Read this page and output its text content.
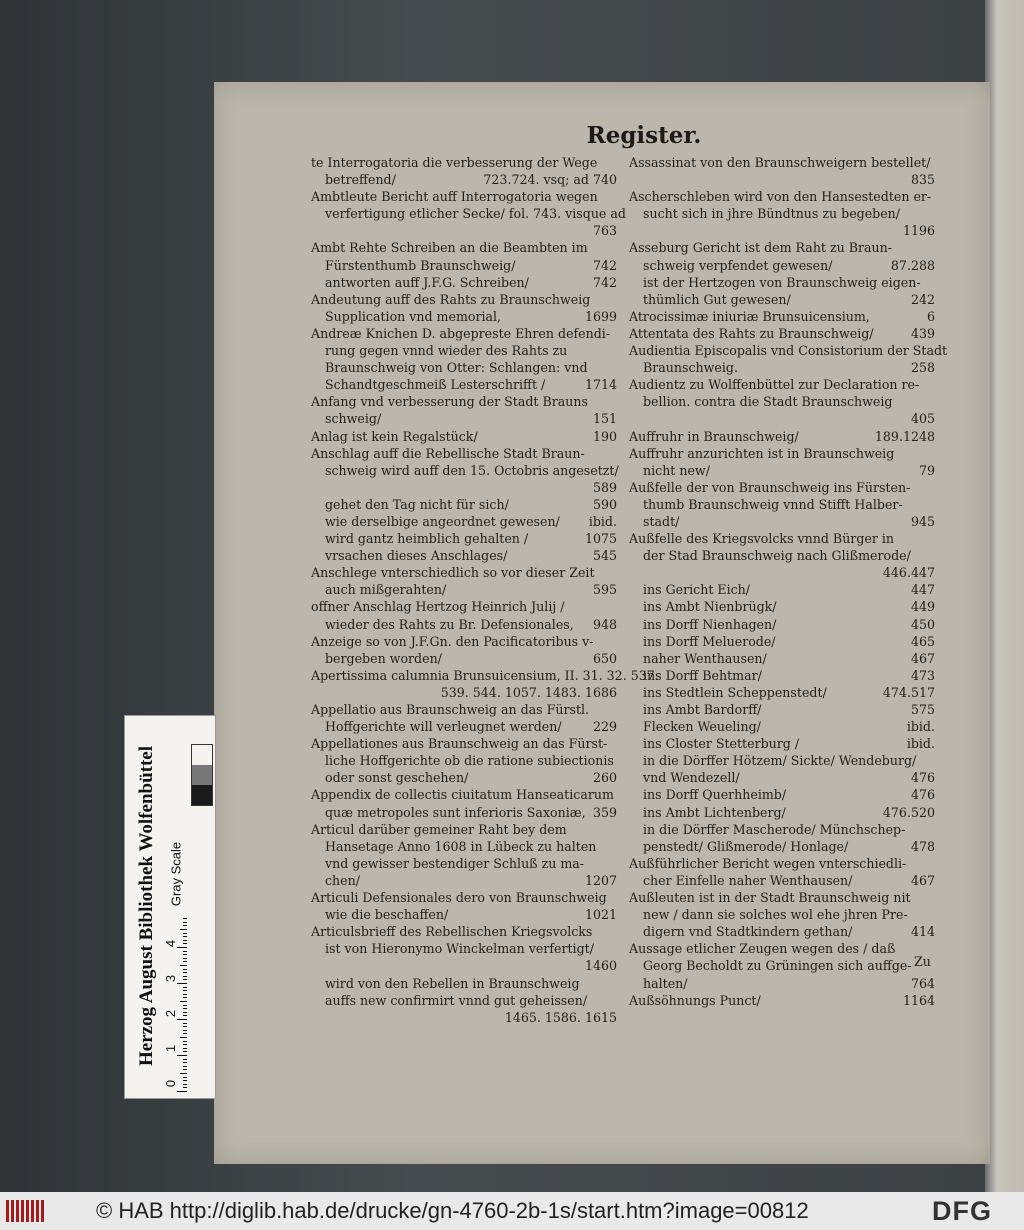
Register.
te Interrogatoria die verbesserung der Wege
betreffend/	723.724. vsq; ad 740
Ambtleute Bericht auff Interrogatoria wegen
verfertigung etlicher Secke/ fol. 743. visque ad
763
Ambt Rehte Schreiben an die Beambten im
Fürstenthumb Braunschweig/	742
antworten auff J.F.G. Schreiben/	742
Andeutung auff des Rahts zu Braunschweig
Supplication vnd memorial,	1699
Andreæ Knichen D. abgepreste Ehren defendi-
rung gegen vnnd wieder des Rahts zu
Braunschweig von Otter: Schlangen: vnd
Schandtgeschmeiß Lesterschrifft /	1714
Anfang vnd verbesserung der Stadt Brauns
schweig/	151
Anlag ist kein Regalstück/	190
Anschlag auff die Rebellische Stadt Braun-
schweig wird auff den 15. Octobris angesetzt/
589
gehet den Tag nicht für sich/	590
wie derselbige angeordnet gewesen/	ibid.
wird gantz heimblich gehalten /	1075
vrsachen dieses Anschlages/	545
Anschlege vnterschiedlich so vor dieser Zeit
auch mißgerahten/	595
offner Anschlag Hertzog Heinrich Julij /
wieder des Rahts zu Br. Defensionales,	948
Anzeige so von J.F.Gn. den Pacificatoribus v-
bergeben worden/	650
Apertissima calumnia Brunsuicensium, II. 31. 32. 537.
539. 544. 1057. 1483. 1686
Appellatio aus Braunschweig an das Fürstl.
Hoffgerichte will verleugnet werden/	229
Appellationes aus Braunschweig an das Fürst-
liche Hoffgerichte ob die ratione subiectionis
oder sonst geschehen/	260
Appendix de collectis ciuitatum Hanseaticarum
quæ metropoles sunt inferioris Saxoniæ, 359
Articul darüber gemeiner Raht bey dem
Hansetage Anno 1608 in Lübeck zu halten
vnd gewisser bestendiger Schluß zu ma-
chen/	1207
Articuli Defensionales dero von Braunschweig
wie die beschaffen/	1021
Articulsbrieff des Rebellischen Kriegsvolcks
ist von Hieronymo Winckelman verfertigt/
1460
wird von den Rebellen in Braunschweig
auffs new confirmirt vnnd gut geheissen/
1465. 1586. 1615
Assassinat von den Braunschweigern bestellet/
835
Ascherschleben wird von den Hansestedten er-
sucht sich in jhre Bündtnus zu begeben/
1196
Asseburg Gericht ist dem Raht zu Braun-
schweig verpfendet gewesen/	87.288
ist der Hertzogen von Braunschweig eigen-
thümlich Gut gewesen/	242
Atrocissimæ iniuriæ Brunsuicensium,	6
Attentata des Rahts zu Braunschweig/	439
Audientia Episcopalis vnd Consistorium der Stadt
Braunschweig.	258
Audientz zu Wolffenbüttel zur Declaration re-
bellion. contra die Stadt Braunschweig
405
Auffruhr in Braunschweig/	189.1248
Auffruhr anzurichten ist in Braunschweig
nicht new/	79
Außfelle der von Braunschweig ins Fürsten-
thumb Braunschweig vnnd Stifft Halber-
stadt/	945
Außfelle des Kriegsvolcks vnnd Bürger in
der Stad Braunschweig nach Glißmerode/
446.447
ins Gericht Eich/	447
ins Ambt Nienbrügk/	449
ins Dorff Nienhagen/	450
ins Dorff Meluerode/	465
naher Wenthausen/	467
ins Dorff Behtmar/	473
ins Stedtlein Scheppenstedt/	474.517
ins Ambt Bardorff/	575
Flecken Weueling/	ibid.
ins Closter Stetterburg /	ibid.
in die Dörffer Hötzem/ Sickte/ Wendeburg/
vnd Wendezell/	476
ins Dorff Querhheimb/	476
ins Ambt Lichtenberg/	476.520
in die Dörffer Mascherode/ Münchschep-
penstedt/ Glißmerode/ Honlage/	478
Außführlicher Bericht wegen vnterschiedli-
cher Einfelle naher Wenthausen/	467
Außleuten ist in der Stadt Braunschweig nit
new / dann sie solches wol ehe jhren Pre-
digern vnd Stadtkindern gethan/	414
Aussage etlicher Zeugen wegen des / daß
Georg Becholdt zu Grüningen sich auffge-
halten/	764
Außsöhnungs Punct/	1164
Zu
Herzog August Bibliothek Wolfenbüttel Gray Scale
0
1
2
3
4
© HAB http://diglib.hab.de/drucke/gn-4760-2b-1s/start.htm?image=00812	DFG
